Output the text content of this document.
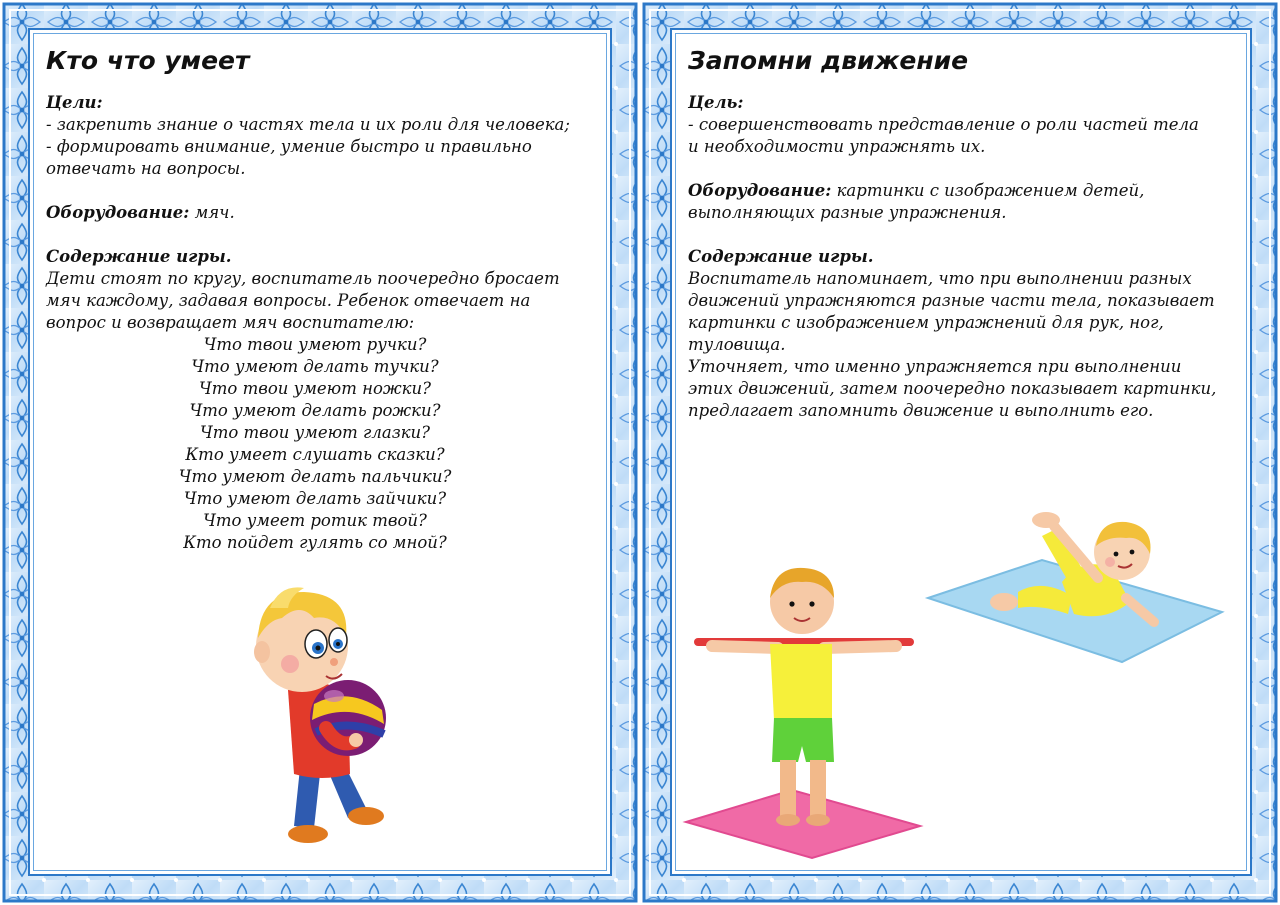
Кто что умеет
Цели:
- закрепить знание о частях тела и их роли для человека;
- формировать внимание, умение быстро и правильно
отвечать на вопросы.
Оборудование: мяч.
Содержание игры.
Дети стоят по кругу, воспитатель поочередно бросает
мяч каждому, задавая вопросы. Ребенок отвечает на
вопрос и возвращает мяч воспитателю:
Что твои умеют ручки?
Что умеют делать тучки?
Что твои умеют ножки?
Что умеют делать рожки?
Что твои умеют глазки?
Кто умеет слушать сказки?
Что умеют делать пальчики?
Что умеют делать зайчики?
Что умеет ротик твой?
Кто пойдет гулять со мной?
Запомни движение
Цель:
- совершенствовать представление о роли частей тела
и необходимости упражнять их.
Оборудование: картинки с изображением детей,
выполняющих разные упражнения.
Содержание игры.
Воспитатель напоминает, что при выполнении разных
движений упражняются разные части тела, показывает
картинки с изображением упражнений для рук, ног,
туловища.
Уточняет, что именно упражняется при выполнении
этих движений, затем поочередно показывает картинки,
предлагает запомнить движение и выполнить его.
